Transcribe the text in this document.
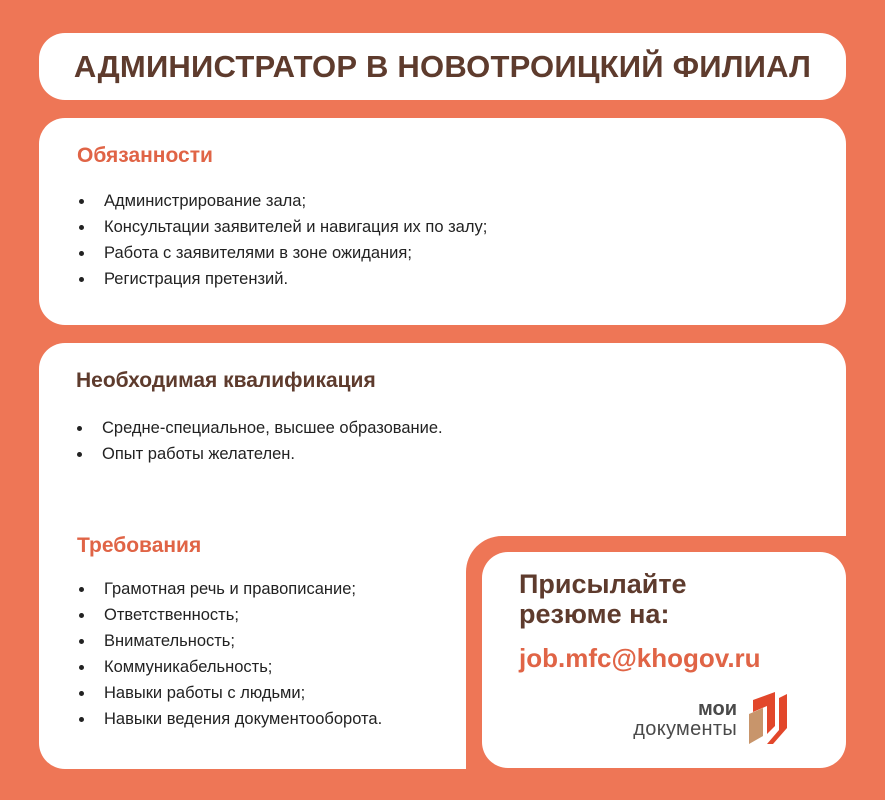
АДМИНИСТРАТОР В НОВОТРОИЦКИЙ ФИЛИАЛ
Обязанности
Администрирование зала;
Консультации заявителей и навигация их по залу;
Работа с заявителями в зоне ожидания;
Регистрация претензий.
Необходимая квалификация
Средне-специальное, высшее образование.
Опыт работы желателен.
Требования
Грамотная речь и правописание;
Ответственность;
Внимательность;
Коммуникабельность;
Навыки работы с людьми;
Навыки ведения документооборота.
Присылайте
резюме на:
job.mfc@khogov.ru
мои
документы
